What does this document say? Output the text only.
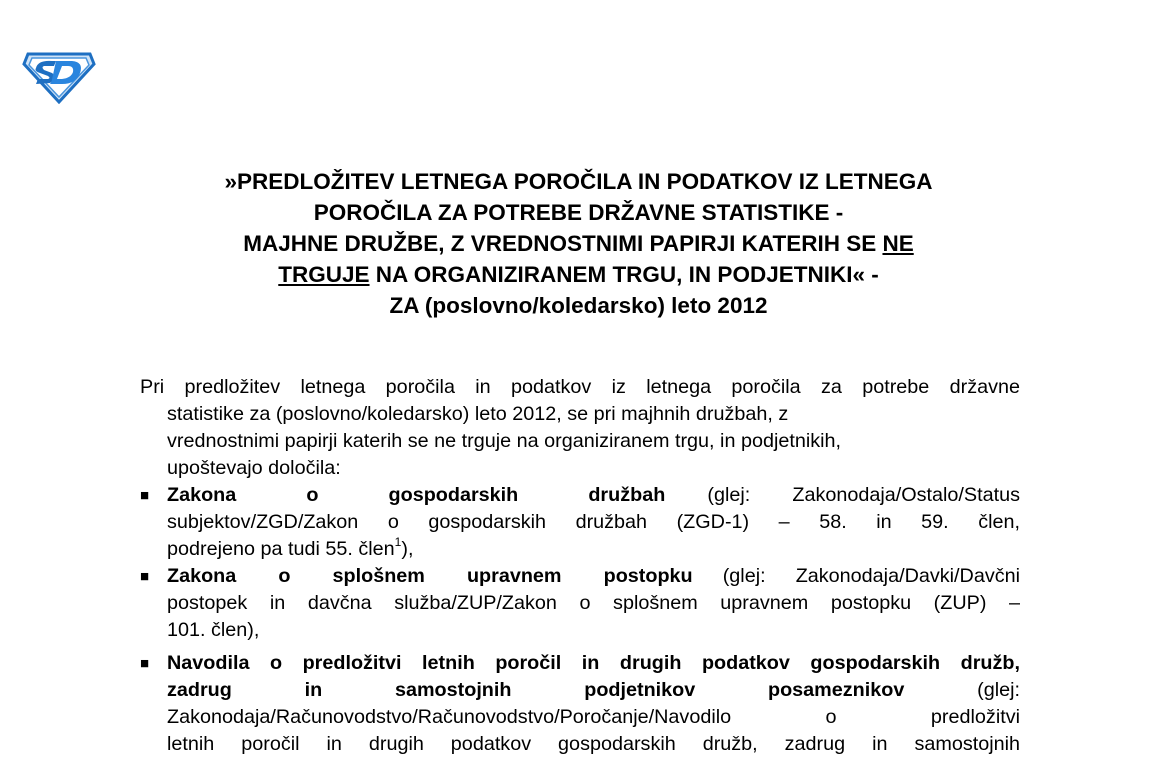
»PREDLOŽITEV LETNEGA POROČILA IN PODATKOV IZ LETNEGA
POROČILA ZA POTREBE DRŽAVNE STATISTIKE -
MAJHNE DRUŽBE, Z VREDNOSTNIMI PAPIRJI KATERIH SE NE
TRGUJE NA ORGANIZIRANEM TRGU, IN PODJETNIKI« -
ZA (poslovno/koledarsko) leto 2012
Pri predložitev letnega poročila in podatkov iz letnega poročila za potrebe državne
statistike za (poslovno/koledarsko) leto 2012, se pri majhnih družbah, z
vrednostnimi papirji katerih se ne trguje na organiziranem trgu, in podjetnikih,
upoštevajo določila:
■ Zakona o gospodarskih družbah (glej: Zakonodaja/Ostalo/Status
subjektov/ZGD/Zakon o gospodarskih družbah (ZGD-1) – 58. in 59. člen,
podrejeno pa tudi 55. člen$^1$),
■ Zakona o splošnem upravnem postopku (glej: Zakonodaja/Davki/Davčni
postopek in davčna služba/ZUP/Zakon o splošnem upravnem postopku (ZUP) –
101. člen),
■ Navodila o predložitvi letnih poročil in drugih podatkov gospodarskih družb,
zadrug in samostojnih podjetnikov posameznikov (glej:
Zakonodaja/Računovodstvo/Računovodstvo/Poročanje/Navodilo o predložitvi
letnih poročil in drugih podatkov gospodarskih družb, zadrug in samostojnih
